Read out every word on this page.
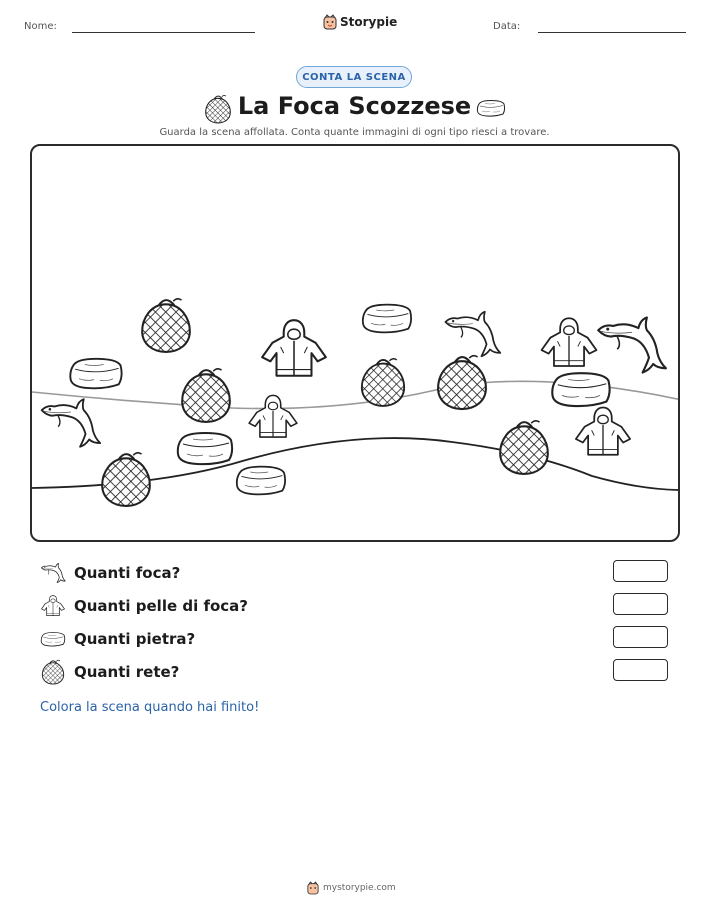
Nome:	Storypie	Data:
CONTA LA SCENA
La Foca Scozzese
Guarda la scena affollata. Conta quante immagini di ogni tipo riesci a trovare.
Quanti foca?
Quanti pelle di foca?
Quanti pietra?
Quanti rete?
Colora la scena quando hai finito!
mystorypie.com
